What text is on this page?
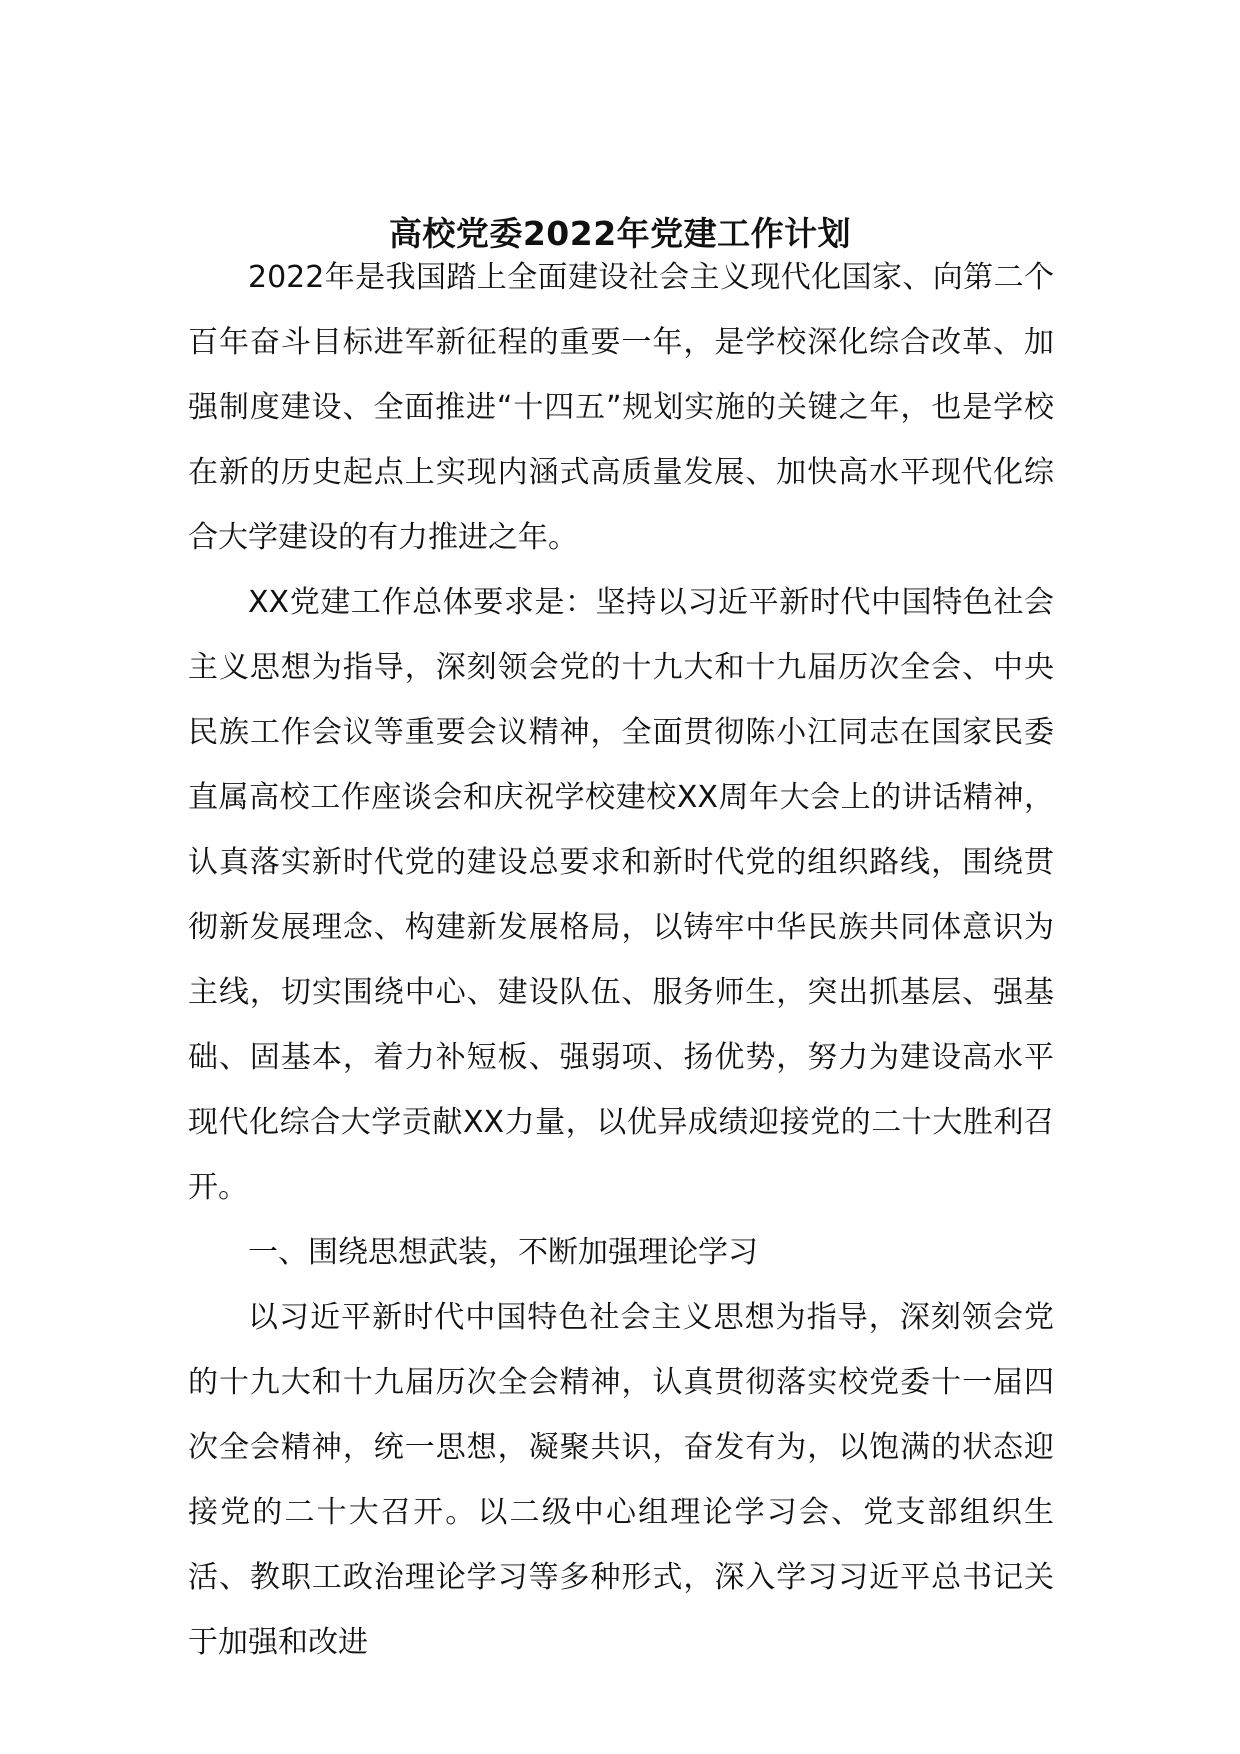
高校党委2022年党建工作计划

2022年是我国踏上全面建设社会主义现代化国家、向第二个百年奋斗目标进军新征程的重要一年，是学校深化综合改革、加强制度建设、全面推进“十四五”规划实施的关键之年，也是学校在新的历史起点上实现内涵式高质量发展、加快高水平现代化综合大学建设的有力推进之年。

XX党建工作总体要求是：坚持以习近平新时代中国特色社会主义思想为指导，深刻领会党的十九大和十九届历次全会、中央民族工作会议等重要会议精神，全面贯彻陈小江同志在国家民委直属高校工作座谈会和庆祝学校建校XX周年大会上的讲话精神，认真落实新时代党的建设总要求和新时代党的组织路线，围绕贯彻新发展理念、构建新发展格局，以铸牢中华民族共同体意识为主线，切实围绕中心、建设队伍、服务师生，突出抓基层、强基础、固基本，着力补短板、强弱项、扬优势，努力为建设高水平现代化综合大学贡献XX力量，以优异成绩迎接党的二十大胜利召开。

一、围绕思想武装，不断加强理论学习

以习近平新时代中国特色社会主义思想为指导，深刻领会党的十九大和十九届历次全会精神，认真贯彻落实校党委十一届四次全会精神，统一思想，凝聚共识，奋发有为，以饱满的状态迎接党的二十大召开。以二级中心组理论学习会、党支部组织生活、教职工政治理论学习等多种形式，深入学习习近平总书记关于加强和改进
